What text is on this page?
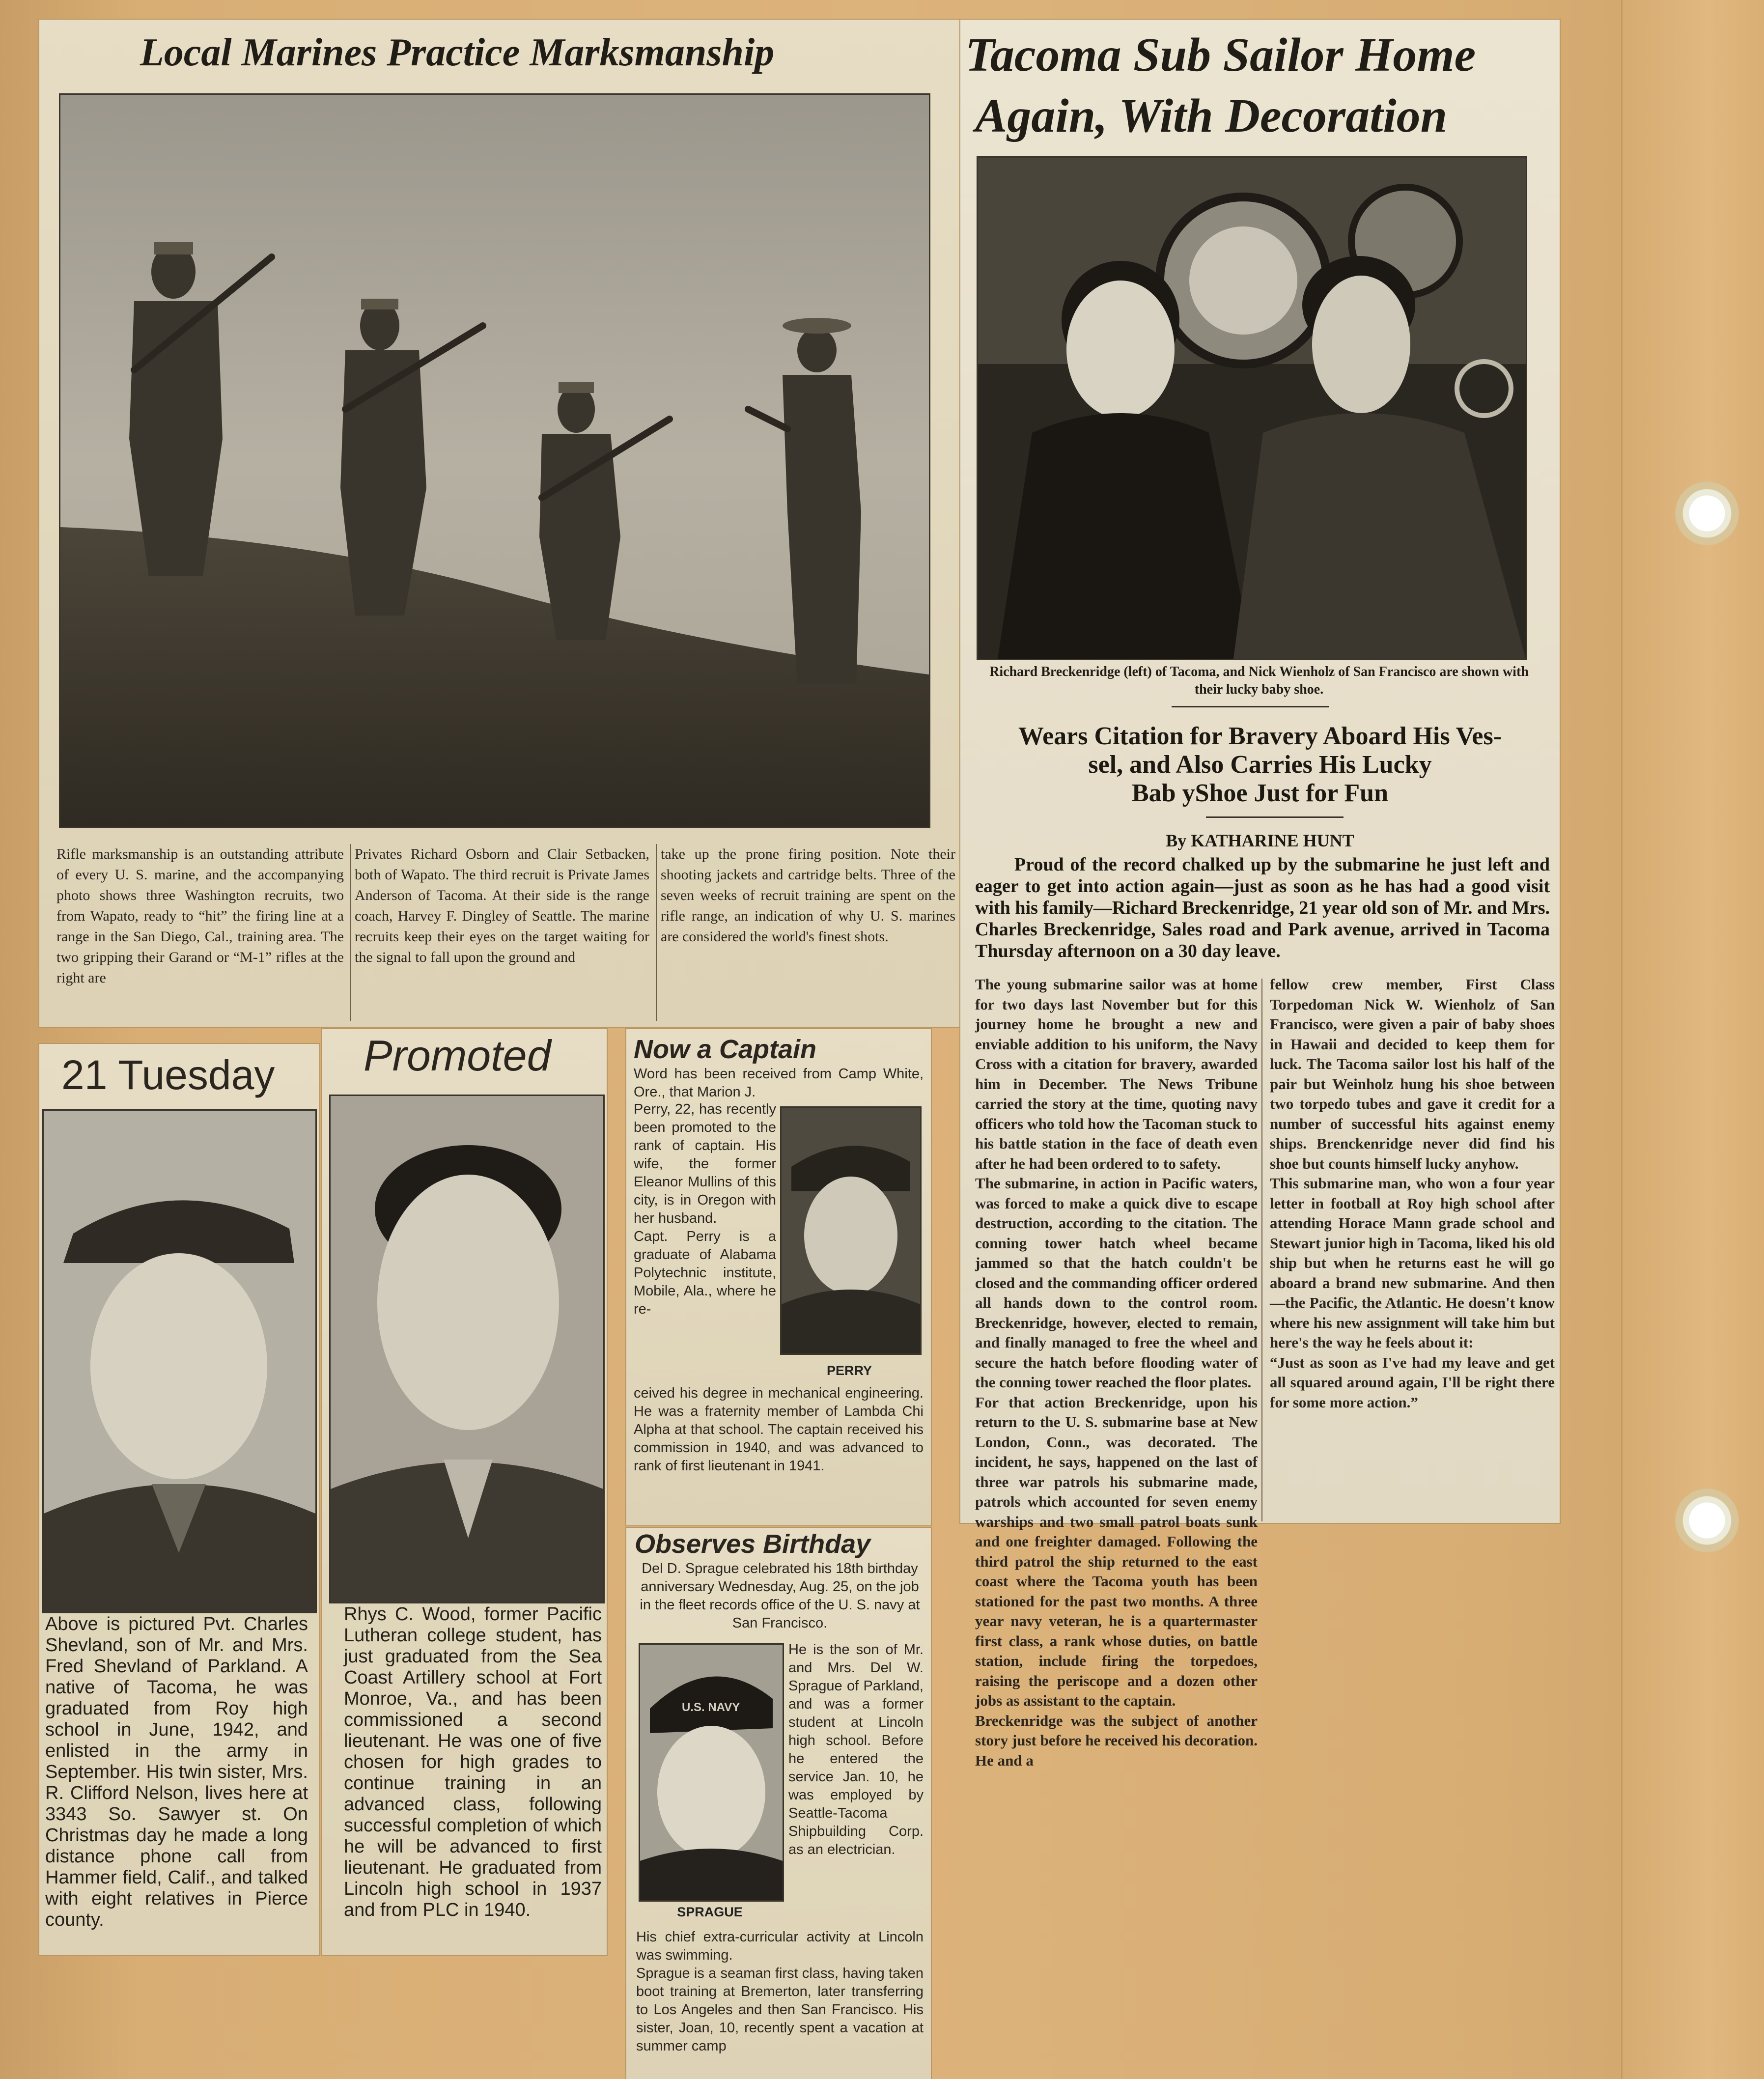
Local Marines Practice Marksmanship
Rifle marksmanship is an outstanding attribute of every U. S. marine, and the accompanying photo shows three Washington recruits, two from Wapato, ready to “hit” the firing line at a range in the San Diego, Cal., training area. The two gripping their Garand or “M-1” rifles at the right are
Privates Richard Osborn and Clair Setbacken, both of Wapato. The third recruit is Private James Anderson of Tacoma. At their side is the range coach, Harvey F. Dingley of Seattle. The marine recruits keep their eyes on the target waiting for the signal to fall upon the ground and
take up the prone firing position. Note their shooting jackets and cartridge belts. Three of the seven weeks of recruit training are spent on the rifle range, an indication of why U. S. marines are considered the world's finest shots.
Tacoma Sub Sailor Home
Again, With Decoration
Richard Breckenridge (left) of Tacoma, and Nick Wienholz of San Francisco are shown with their lucky baby shoe.
Wears Citation for Bravery Aboard His Ves-
sel, and Also Carries His Lucky
Bab yShoe Just for Fun
By KATHARINE HUNT
Proud of the record chalked up by the submarine he just left and eager to get into action again—just as soon as he has had a good visit with his family—Richard Breckenridge, 21 year old son of Mr. and Mrs. Charles Breckenridge, Sales road and Park avenue, arrived in Tacoma Thursday afternoon on a 30 day leave.
The young submarine sailor was at home for two days last November but for this journey home he brought a new and enviable addition to his uniform, the Navy Cross with a citation for bravery, awarded him in December. The News Tribune carried the story at the time, quoting navy officers who told how the Tacoman stuck to his battle station in the face of death even after he had been ordered to to safety.
The submarine, in action in Pacific waters, was forced to make a quick dive to escape destruction, according to the citation. The conning tower hatch wheel became jammed so that the hatch couldn't be closed and the commanding officer ordered all hands down to the control room. Breckenridge, however, elected to remain, and finally managed to free the wheel and secure the hatch before flooding water of the conning tower reached the floor plates.
For that action Breckenridge, upon his return to the U. S. submarine base at New London, Conn., was decorated. The incident, he says, happened on the last of three war patrols his submarine made, patrols which accounted for seven enemy warships and two small patrol boats sunk and one freighter damaged. Following the third patrol the ship returned to the east coast where the Tacoma youth has been stationed for the past two months. A three year navy veteran, he is a quartermaster first class, a rank whose duties, on battle station, include firing the torpedoes, raising the periscope and a dozen other jobs as assistant to the captain.
Breckenridge was the subject of another story just before he received his decoration. He and a
fellow crew member, First Class Torpedoman Nick W. Wienholz of San Francisco, were given a pair of baby shoes in Hawaii and decided to keep them for luck. The Tacoma sailor lost his half of the pair but Weinholz hung his shoe between two torpedo tubes and gave it credit for a number of successful hits against enemy ships. Brenckenridge never did find his shoe but counts himself lucky anyhow.
This submarine man, who won a four year letter in football at Roy high school after attending Horace Mann grade school and Stewart junior high in Tacoma, liked his old ship but when he returns east he will go aboard a brand new submarine. And then—the Pacific, the Atlantic. He doesn't know where his new assignment will take him but here's the way he feels about it:
“Just as soon as I've had my leave and get all squared around again, I'll be right there for some more action.”
21 Tuesday
Above is pictured Pvt. Charles Shevland, son of Mr. and Mrs. Fred Shevland of Parkland. A native of Tacoma, he was graduated from Roy high school in June, 1942, and enlisted in the army in September. His twin sister, Mrs. R. Clifford Nelson, lives here at 3343 So. Sawyer st. On Christmas day he made a long distance phone call from Hammer field, Calif., and talked with eight relatives in Pierce county.
Promoted
Rhys C. Wood, former Pacific Lutheran college student, has just graduated from the Sea Coast Artillery school at Fort Monroe, Va., and has been commissioned a second lieutenant. He was one of five chosen for high grades to continue training in an advanced class, following successful completion of which he will be advanced to first lieutenant. He graduated from Lincoln high school in 1937 and from PLC in 1940.
Now a Captain
Word has been received from Camp White, Ore., that Marion J.
Perry, 22, has recently been promoted to the rank of captain. His wife, the former Eleanor Mullins of this city, is in Oregon with her husband.
Capt. Perry is a graduate of Alabama Polytechnic institute, Mobile, Ala., where he re-
PERRY
ceived his degree in mechanical engineering. He was a fraternity member of Lambda Chi Alpha at that school. The captain received his commission in 1940, and was advanced to rank of first lieutenant in 1941.
Observes Birthday
Del D. Sprague celebrated his 18th birthday anniversary Wednesday, Aug. 25, on the job in the fleet records office of the U. S. navy at San Francisco.
U.S. NAVY
SPRAGUE
He is the son of Mr. and Mrs. Del W. Sprague of Parkland, and was a former student at Lincoln high school. Before he entered the service Jan. 10, he was employed by Seattle-Tacoma Shipbuilding Corp. as an electrician.
His chief extra-curricular activity at Lincoln was swimming.
Sprague is a seaman first class, having taken boot training at Bremerton, later transferring to Los Angeles and then San Francisco. His sister, Joan, 10, recently spent a vacation at summer camp
